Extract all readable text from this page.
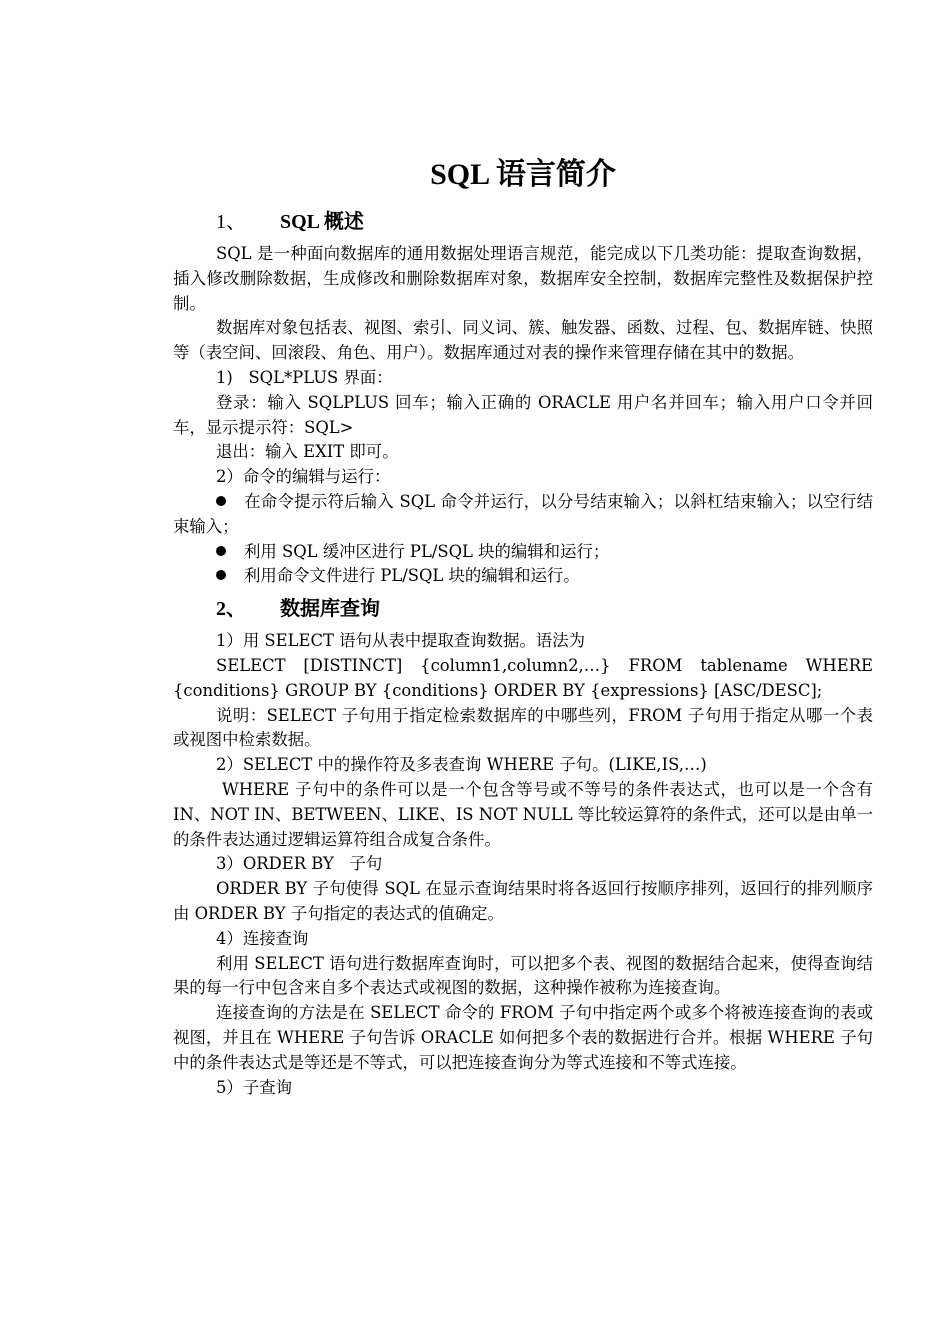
SQL 语言简介
1、 SQL 概述

SQL 是一种面向数据库的通用数据处理语言规范，能完成以下几类功能：提取查询数据，插入修改删除数据，生成修改和删除数据库对象，数据库安全控制，数据库完整性及数据保护控制。

数据库对象包括表、视图、索引、同义词、簇、触发器、函数、过程、包、数据库链、快照等（表空间、回滚段、角色、用户）。数据库通过对表的操作来管理存储在其中的数据。

1)   SQL*PLUS 界面：

登录：输入 SQLPLUS 回车；输入正确的 ORACLE 用户名并回车；输入用户口令并回车，显示提示符：SQL>

退出：输入 EXIT 即可。

2）命令的编辑与运行：

在命令提示符后输入 SQL 命令并运行，以分号结束输入；以斜杠结束输入；以空行结束输入；

利用 SQL 缓冲区进行 PL/SQL 块的编辑和运行；

利用命令文件进行 PL/SQL 块的编辑和运行。

2、 数据库查询

1）用 SELECT 语句从表中提取查询数据。语法为

SELECT [DISTINCT] {column1,column2,…} FROM tablename WHERE {conditions} GROUP BY {conditions} ORDER BY {expressions} [ASC/DESC];

说明：SELECT 子句用于指定检索数据库的中哪些列，FROM 子句用于指定从哪一个表或视图中检索数据。

2）SELECT 中的操作符及多表查询 WHERE 子句。(LIKE,IS,…)

WHERE 子句中的条件可以是一个包含等号或不等号的条件表达式，也可以是一个含有 IN、NOT IN、BETWEEN、LIKE、IS NOT NULL 等比较运算符的条件式，还可以是由单一的条件表达通过逻辑运算符组合成复合条件。

3）ORDER BY   子句

ORDER BY 子句使得 SQL 在显示查询结果时将各返回行按顺序排列，返回行的排列顺序由 ORDER BY 子句指定的表达式的值确定。

4）连接查询

利用 SELECT 语句进行数据库查询时，可以把多个表、视图的数据结合起来，使得查询结果的每一行中包含来自多个表达式或视图的数据，这种操作被称为连接查询。

连接查询的方法是在 SELECT 命令的 FROM 子句中指定两个或多个将被连接查询的表或视图，并且在 WHERE 子句告诉 ORACLE 如何把多个表的数据进行合并。根据 WHERE 子句中的条件表达式是等还是不等式，可以把连接查询分为等式连接和不等式连接。

5）子查询
